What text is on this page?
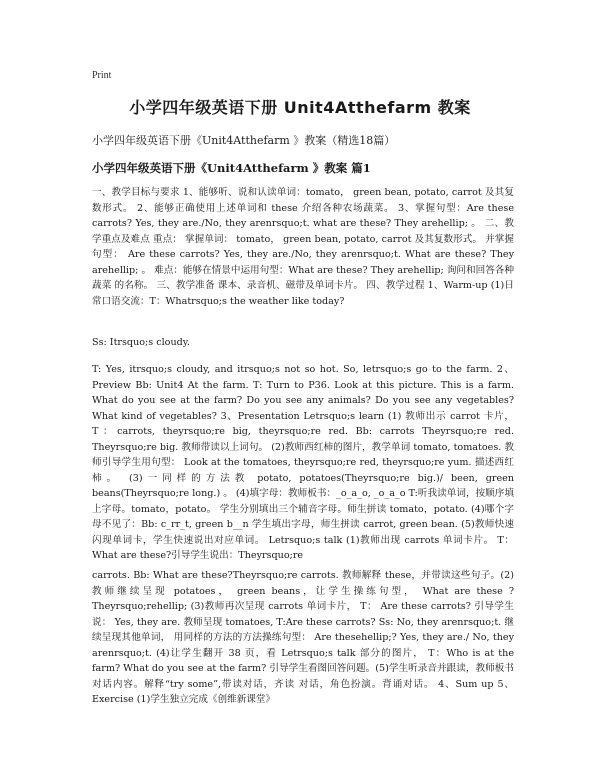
Print
小学四年级英语下册 Unit4Atthefarm 教案
小学四年级英语下册《Unit4Atthefarm 》教案（精选18篇）
小学四年级英语下册《Unit4Atthefarm 》教案 篇1
一、教学目标与要求 1、能够听、说和认读单词：tomato， green bean, potato, carrot 及其复数形式。 2、能够正确使用上述单词和 these 介绍各种农场蔬菜。 3、掌握句型：Are these carrots? Yes, they are./No, they arenrsquo;t. what are these? They arehellip; 。 二、教学重点及难点 重点： 掌握单词： tomato， green bean, potato, carrot 及其复数形式。 并掌握句型： Are these carrots? Yes, they are./No, they arenrsquo;t. What are these? They arehellip; 。 难点：能够在情景中运用句型：What are these? They arehellip; 询问和回答各种蔬菜 的名称。 三、教学准备 课本、录音机、磁带及单词卡片。 四、教学过程 1、Warm-up (1)日常口语交流：T：Whatrsquo;s the weather like today?
Ss: Itrsquo;s cloudy.
T: Yes, itrsquo;s cloudy, and itrsquo;s not so hot. So, letrsquo;s go to the farm. 2、Preview Bb: Unit4 At the farm. T: Turn to P36. Look at this picture. This is a farm. What do you see at the farm? Do you see any animals? Do you see any vegetables? What kind of vegetables? 3、Presentation Letrsquo;s learn (1) 教师出示 carrot 卡片，T：carrots, theyrsquo;re big, theyrsquo;re red. Bb: carrots Theyrsquo;re red. Theyrsquo;re big. 教师带读以上词句。 (2)教师西红柿的图片，教学单词 tomato, tomatoes. 教师引导学生用句型： Look at the tomatoes, theyrsquo;re red, theyrsquo;re yum. 描述西红柿。 (3)一同样的方法教 potato, potatoes(Theyrsquo;re big.)/ been, green beans(Theyrsquo;re long.) 。 (4)填字母：教师板书：_o_a_o, _o_a_o T:听我读单词，按顺序填上字母。tomato，potato。 学生分别填出三个辅音字母。师生拼读 tomato，potato. (4)哪个字母不见了：Bb: c_rr_t, green b__n 学生填出字母，师生拼读 carrot, green bean. (5)教师快速闪现单词卡，学生快速说出对应单词。 Letrsquo;s talk (1)教师出现 carrots 单词卡片。 T： What are these?引导学生说出：Theyrsquo;re
carrots. Bb: What are these?Theyrsquo;re carrots. 教师解释 these，并带读这些句子。(2) 教师继续呈现 potatoes， green beans，让学生操练句型， What are these ? Theyrsquo;rehellip; (3)教师再次呈现 carrots 单词卡片， T： Are these carrots? 引导学生说： Yes, they are. 教师呈现 tomatoes, T:Are these carrots? Ss: No, they arenrsquo;t. 继续呈现其他单词， 用同样的方法的方法操练句型： Are thesehellip;? Yes, they are./ No, they arenrsquo;t. (4)让学生翻开 38 页，看 Letrsquo;s talk 部分的图片， T：Who is at the farm? What do you see at the farm? 引导学生看图回答问题。(5)学生听录音并跟读，教师板书对话内容。解释“try some”,带读对话，齐读 对话，角色扮演。背诵对话。 4、Sum up 5、Exercise (1)学生独立完成《创维新课堂》
